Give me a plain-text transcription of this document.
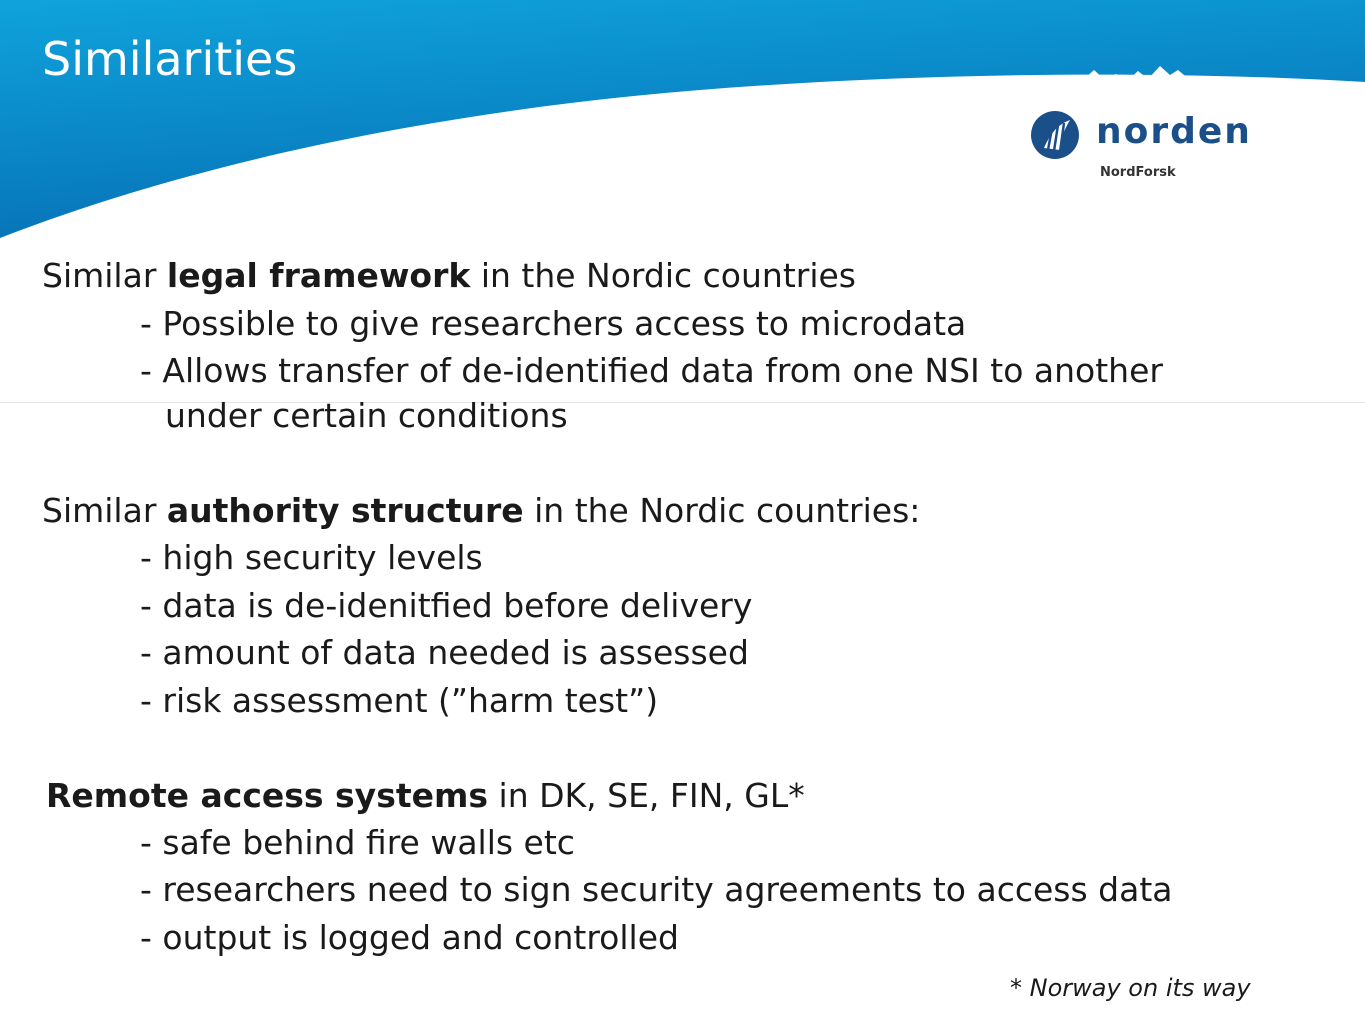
Similarities
norden
NordForsk
Similar legal framework in the Nordic countries
- Possible to give researchers access to microdata
- Allows transfer of de-identified data from one NSI to another
under certain conditions
Similar authority structure in the Nordic countries:
- high security levels
- data is de-idenitfied before delivery
- amount of data needed is assessed
- risk assessment (”harm test”)
Remote access systems in DK, SE, FIN, GL*
- safe behind fire walls etc
- researchers need to sign security agreements to access data
- output is logged and controlled
* Norway on its way
